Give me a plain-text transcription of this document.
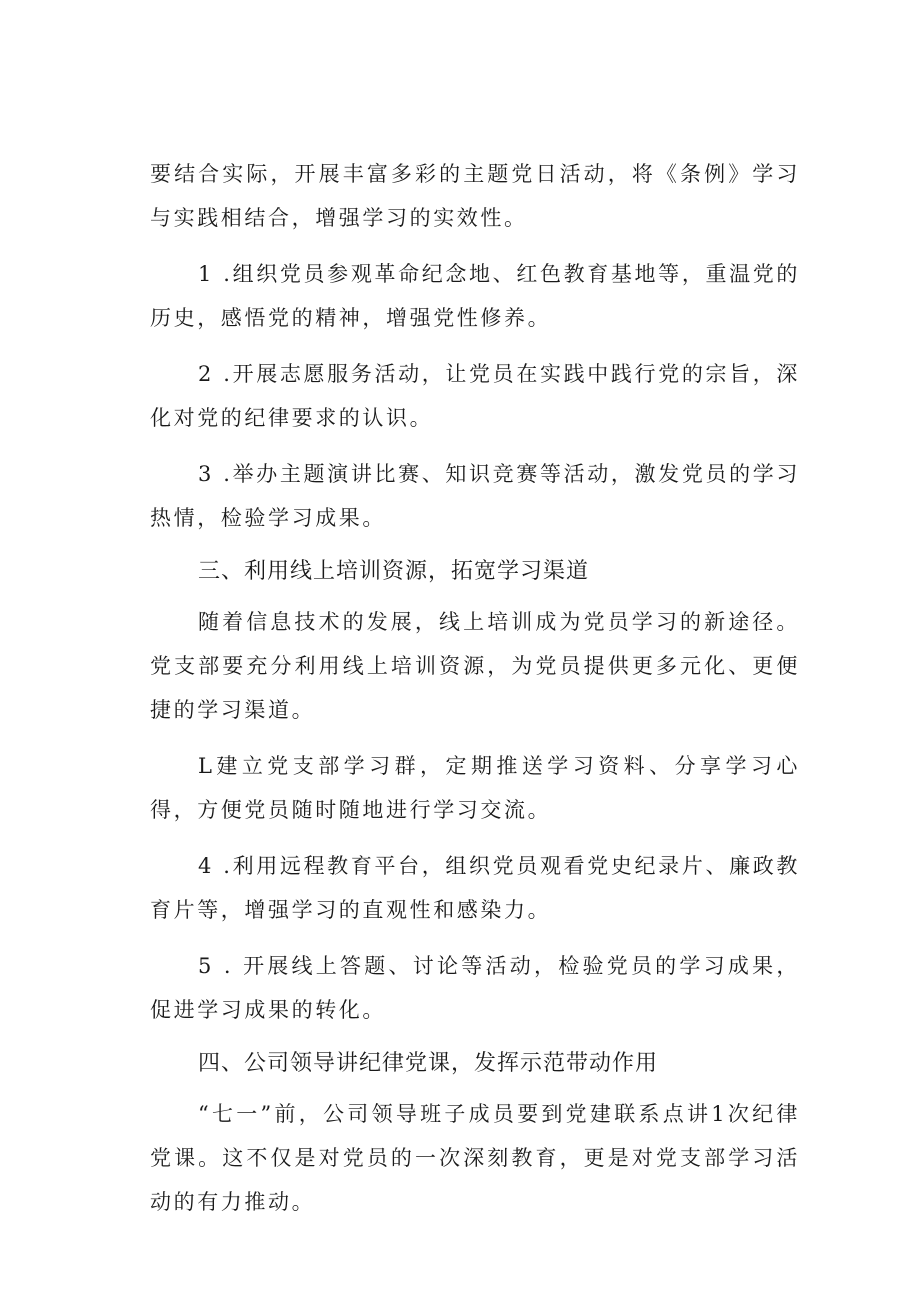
要结合实际，开展丰富多彩的主题党日活动，将《条例》学习与实践相结合，增强学习的实效性。

1 .组织党员参观革命纪念地、红色教育基地等，重温党的历史，感悟党的精神，增强党性修养。

2 .开展志愿服务活动，让党员在实践中践行党的宗旨，深化对党的纪律要求的认识。

3 .举办主题演讲比赛、知识竞赛等活动，激发党员的学习热情，检验学习成果。

三、利用线上培训资源，拓宽学习渠道

随着信息技术的发展，线上培训成为党员学习的新途径。党支部要充分利用线上培训资源，为党员提供更多元化、更便捷的学习渠道。

L建立党支部学习群，定期推送学习资料、分享学习心得，方便党员随时随地进行学习交流。

4 .利用远程教育平台，组织党员观看党史纪录片、廉政教育片等，增强学习的直观性和感染力。

5 . 开展线上答题、讨论等活动，检验党员的学习成果，促进学习成果的转化。

四、公司领导讲纪律党课，发挥示范带动作用

“七一”前，公司领导班子成员要到党建联系点讲1次纪律党课。这不仅是对党员的一次深刻教育，更是对党支部学习活动的有力推动。
